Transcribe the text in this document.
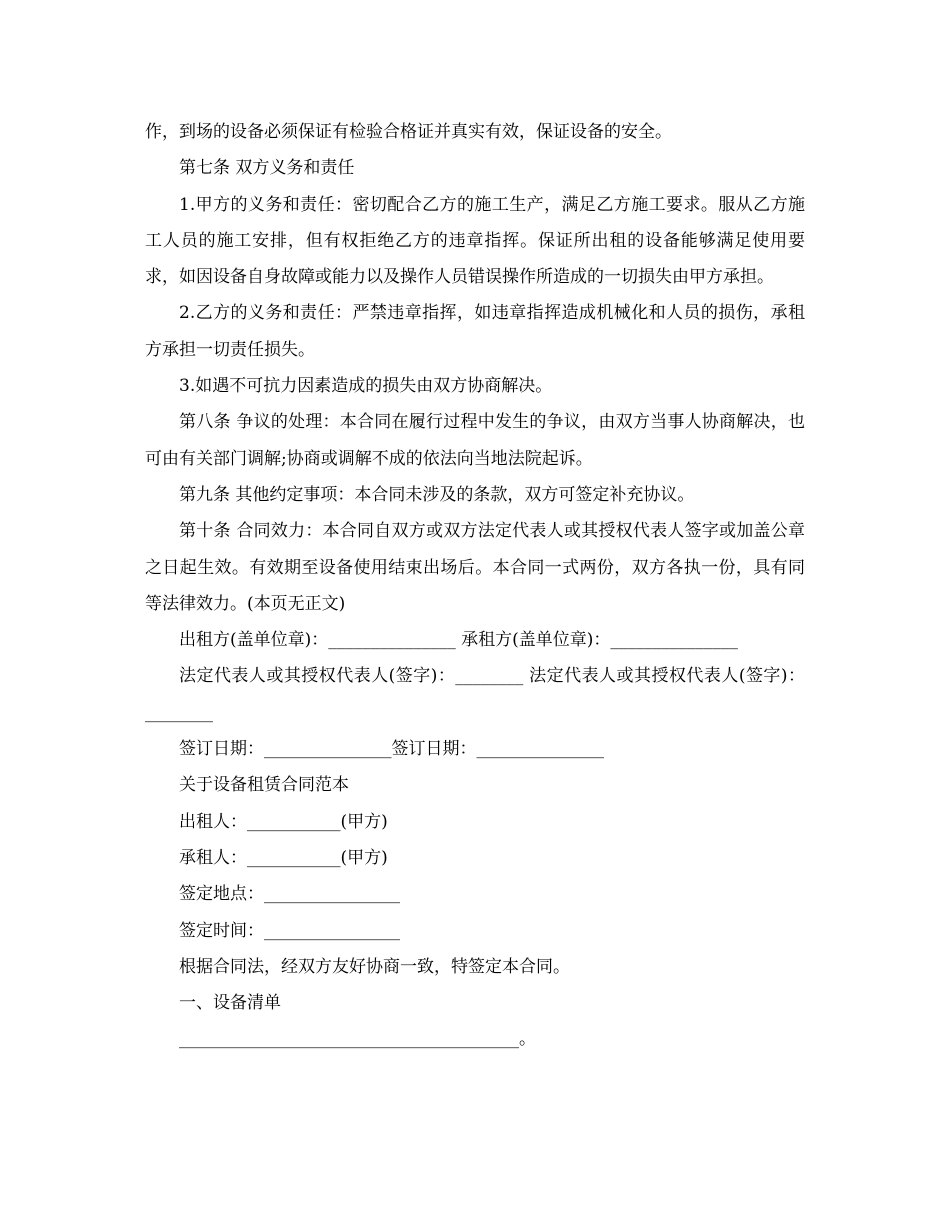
作，到场的设备必须保证有检验合格证并真实有效，保证设备的安全。

第七条 双方义务和责任

1.甲方的义务和责任：密切配合乙方的施工生产，满足乙方施工要求。服从乙方施工人员的施工安排，但有权拒绝乙方的违章指挥。保证所出租的设备能够满足使用要求，如因设备自身故障或能力以及操作人员错误操作所造成的一切损失由甲方承担。

2.乙方的义务和责任：严禁违章指挥，如违章指挥造成机械化和人员的损伤，承租方承担一切责任损失。

3.如遇不可抗力因素造成的损失由双方协商解决。

第八条 争议的处理：本合同在履行过程中发生的争议，由双方当事人协商解决，也可由有关部门调解;协商或调解不成的依法向当地法院起诉。

第九条 其他约定事项：本合同未涉及的条款，双方可签定补充协议。

第十条 合同效力：本合同自双方或双方法定代表人或其授权代表人签字或加盖公章之日起生效。有效期至设备使用结束出场后。本合同一式两份，双方各执一份，具有同等法律效力。(本页无正文)

出租方(盖单位章)：_______________ 承租方(盖单位章)：_______________

法定代表人或其授权代表人(签字)：________ 法定代表人或其授权代表人(签字)：________

签订日期：_______________签订日期：_______________

关于设备租赁合同范本

出租人：___________(甲方)

承租人：___________(甲方)

签定地点：________________

签定时间：________________

根据合同法，经双方友好协商一致，特签定本合同。

一、设备清单

________________________________________。
